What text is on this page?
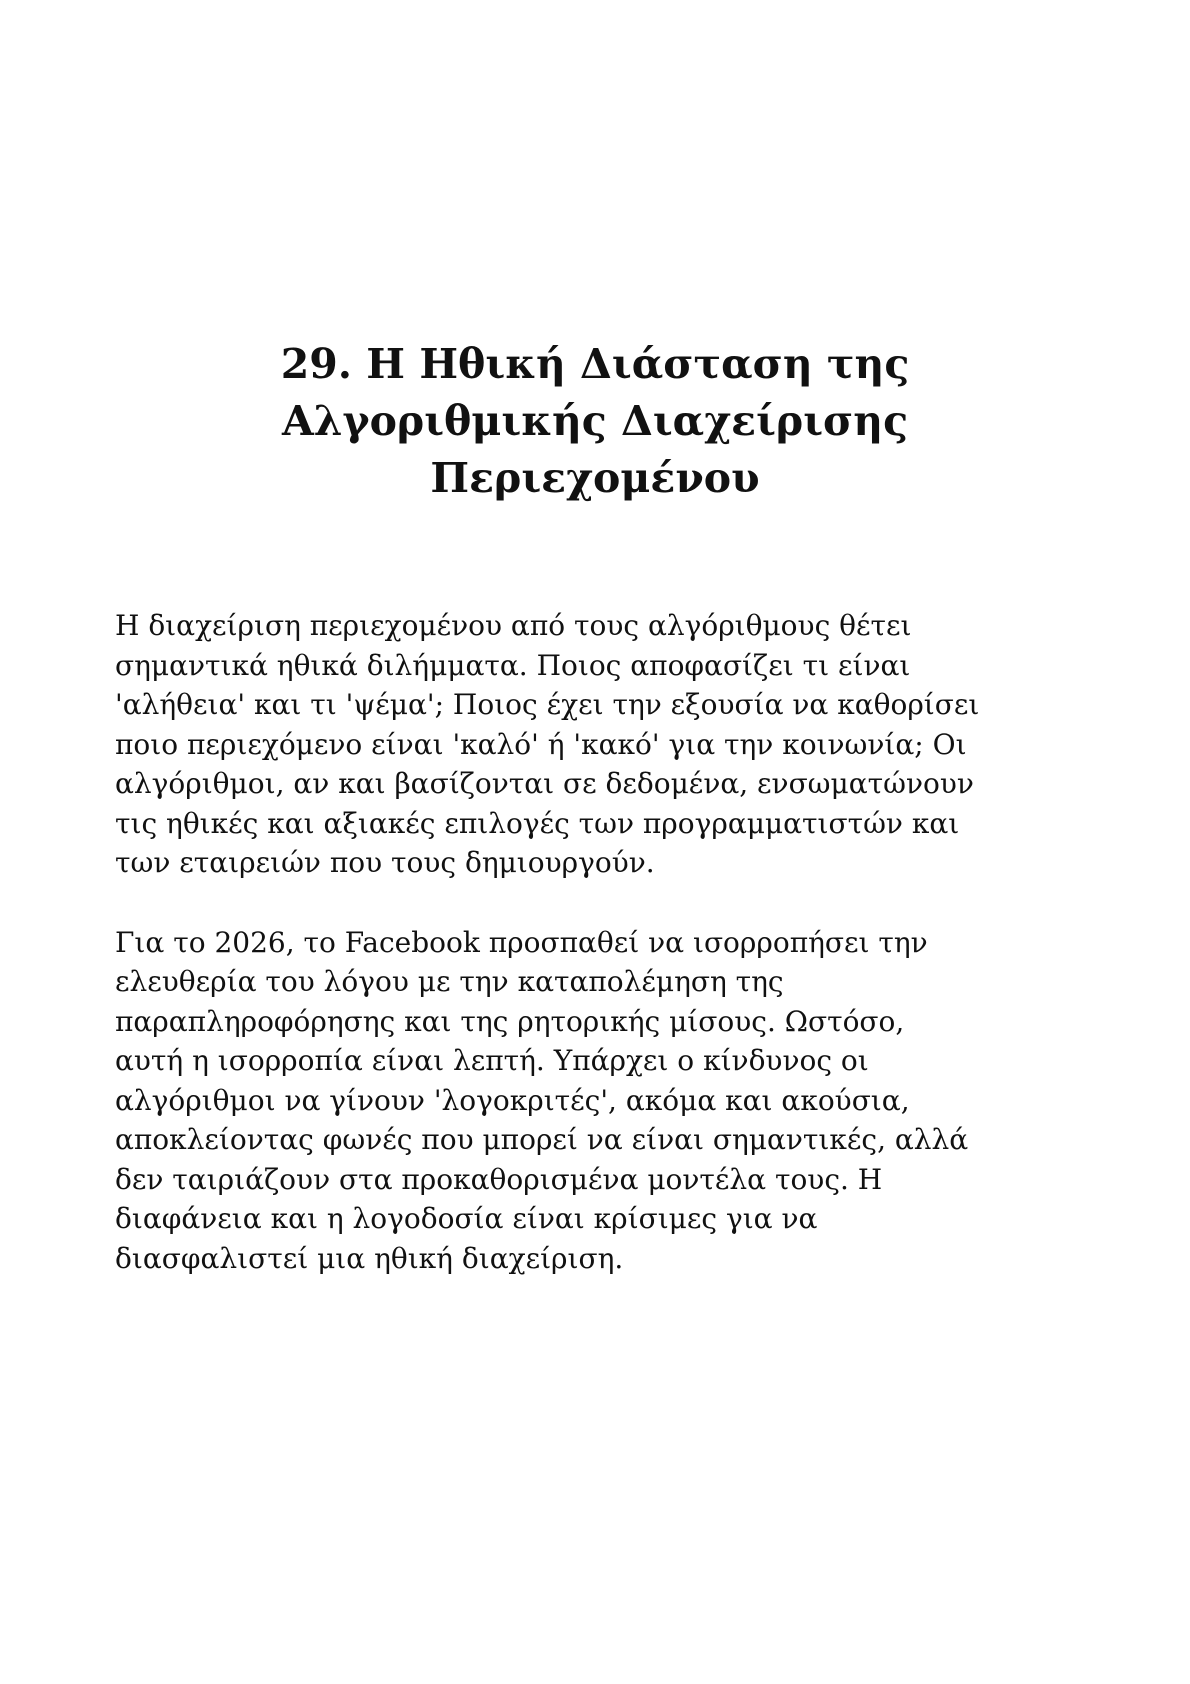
29. Η Ηθική Διάσταση της
Αλγοριθμικής Διαχείρισης
Περιεχομένου

Η διαχείριση περιεχομένου από τους αλγόριθμους θέτει
σημαντικά ηθικά διλήμματα. Ποιος αποφασίζει τι είναι
'αλήθεια' και τι 'ψέμα'; Ποιος έχει την εξουσία να καθορίσει
ποιο περιεχόμενο είναι 'καλό' ή 'κακό' για την κοινωνία; Οι
αλγόριθμοι, αν και βασίζονται σε δεδομένα, ενσωματώνουν
τις ηθικές και αξιακές επιλογές των προγραμματιστών και
των εταιρειών που τους δημιουργούν.

Για το 2026, το Facebook προσπαθεί να ισορροπήσει την
ελευθερία του λόγου με την καταπολέμηση της
παραπληροφόρησης και της ρητορικής μίσους. Ωστόσο,
αυτή η ισορροπία είναι λεπτή. Υπάρχει ο κίνδυνος οι
αλγόριθμοι να γίνουν 'λογοκριτές', ακόμα και ακούσια,
αποκλείοντας φωνές που μπορεί να είναι σημαντικές, αλλά
δεν ταιριάζουν στα προκαθορισμένα μοντέλα τους. Η
διαφάνεια και η λογοδοσία είναι κρίσιμες για να
διασφαλιστεί μια ηθική διαχείριση.
